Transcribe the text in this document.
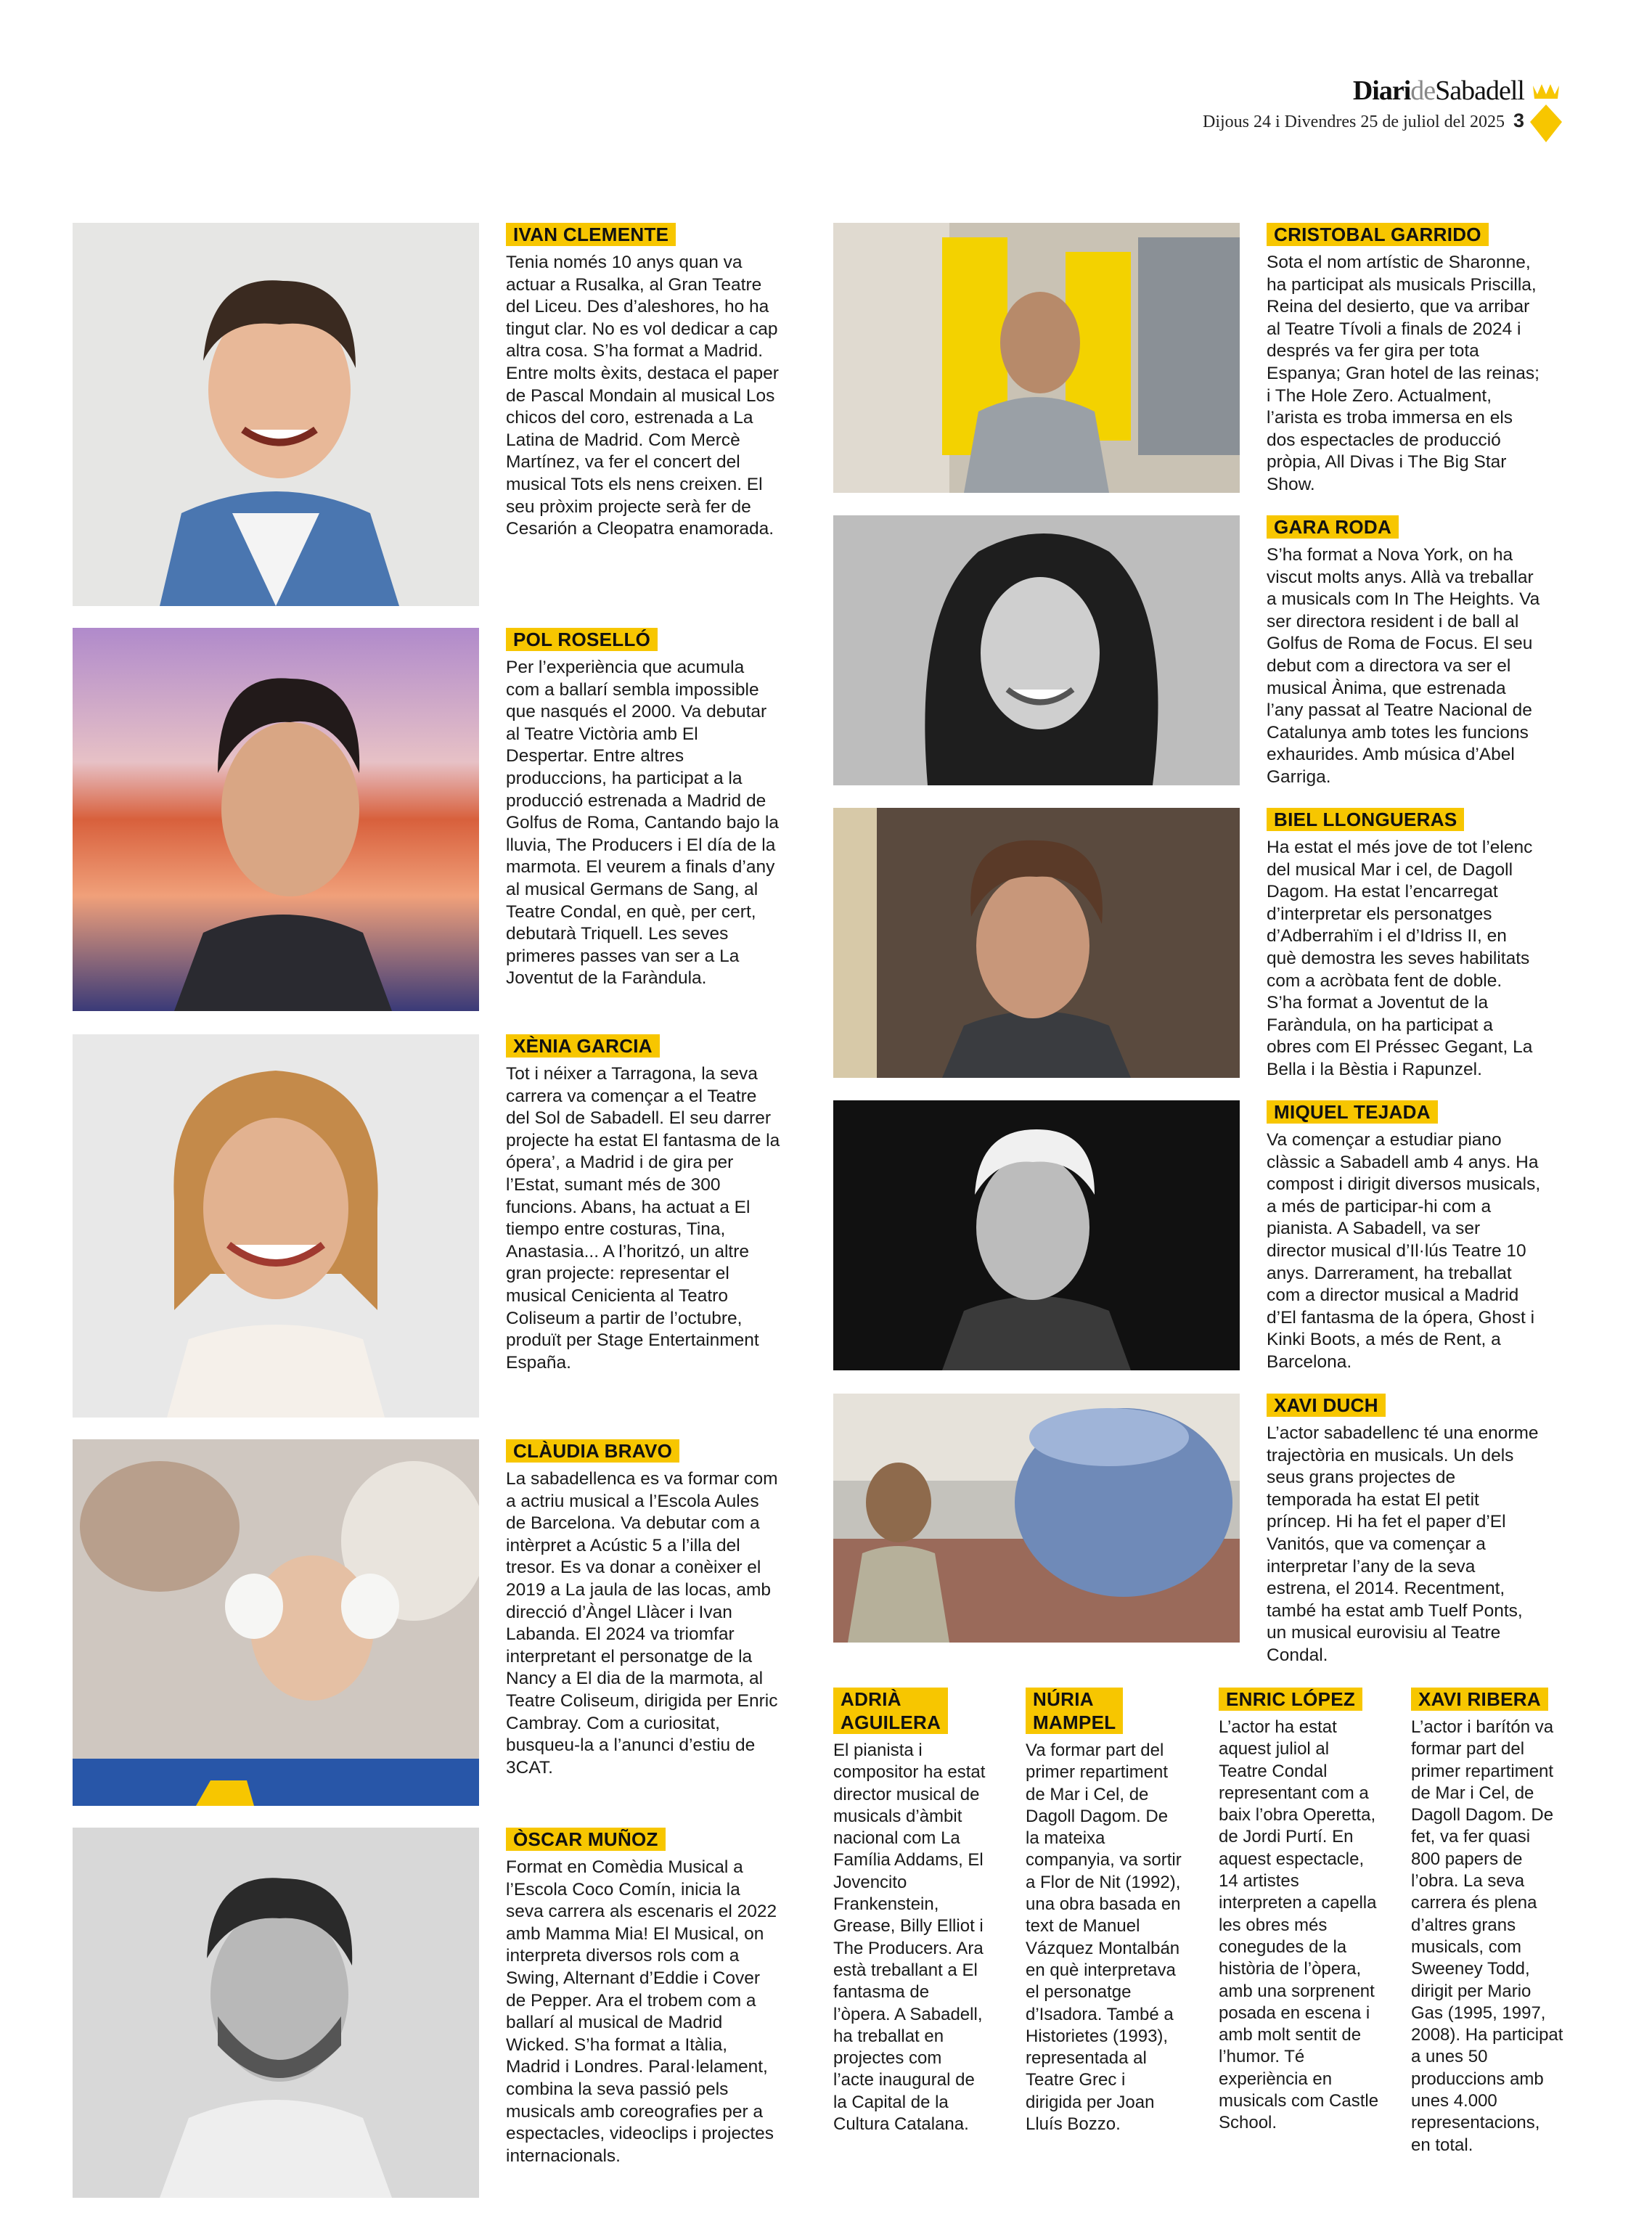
DiarideSabadell
Dijous 24 i Divendres 25 de juliol del 2025 3
IVAN CLEMENTE
Tenia només 10 anys quan va actuar a Rusalka, al Gran Teatre del Liceu. Des d’aleshores, ho ha tingut clar. No es vol dedicar a cap altra cosa. S’ha format a Madrid. Entre molts èxits, destaca el paper de Pascal Mondain al musical Los chicos del coro, estrenada a La Latina de Madrid. Com Mercè Martínez, va fer el concert del musical Tots els nens creixen. El seu pròxim projecte serà fer de Cesarión a Cleopatra enamorada.
POL ROSELLÓ
Per l’experiència que acumula com a ballarí sembla impossible que nasqués el 2000. Va debutar al Teatre Victòria amb El Despertar. Entre altres produccions, ha participat a la producció estrenada a Madrid de Golfus de Roma, Cantando bajo la lluvia, The Producers i El día de la marmota. El veurem a finals d’any al musical Germans de Sang, al Teatre Condal, en què, per cert, debutarà Triquell. Les seves primeres passes van ser a La Joventut de la Faràndula.
XÈNIA GARCIA
Tot i néixer a Tarragona, la seva carrera va començar a el Teatre del Sol de Sabadell. El seu darrer projecte ha estat El fantasma de la ópera’, a Madrid i de gira per l’Estat, sumant més de 300 funcions. Abans, ha actuat a El tiempo entre costuras, Tina, Anastasia... A l’horitzó, un altre gran projecte: representar el musical Cenicienta al Teatro Coliseum a partir de l’octubre, produït per Stage Entertainment España.
CLÀUDIA BRAVO
La sabadellenca es va formar com a actriu musical a l’Escola Aules de Barcelona. Va debutar com a intèrpret a Acústic 5 a l’illa del tresor. Es va donar a conèixer el 2019 a La jaula de las locas, amb direcció d’Àngel Llàcer i Ivan Labanda. El 2024 va triomfar interpretant el personatge de la Nancy a El dia de la marmota, al Teatre Coliseum, dirigida per Enric Cambray. Com a curiositat, busqueu-la a l’anunci d’estiu de 3CAT.
ÒSCAR MUÑOZ
Format en Comèdia Musical a l’Escola Coco Comín, inicia la seva carrera als escenaris el 2022 amb Mamma Mia! El Musical, on interpreta diversos rols com a Swing, Alternant d’Eddie i Cover de Pepper. Ara el trobem com a ballarí al musical de Madrid Wicked. S’ha format a Itàlia, Madrid i Londres. Paral·lelament, combina la seva passió pels musicals amb coreografies per a espectacles, videoclips i projectes internacionals.
CRISTOBAL GARRIDO
Sota el nom artístic de Sharonne, ha participat als musicals Priscilla, Reina del desierto, que va arribar al Teatre Tívoli a finals de 2024 i després va fer gira per tota Espanya; Gran hotel de las reinas; i The Hole Zero. Actualment, l’arista es troba immersa en els dos espectacles de producció pròpia, All Divas i The Big Star Show.
GARA RODA
S’ha format a Nova York, on ha viscut molts anys. Allà va treballar a musicals com In The Heights. Va ser directora resident i de ball al Golfus de Roma de Focus. El seu debut com a directora va ser el musical Ànima, que estrenada l’any passat al Teatre Nacional de Catalunya amb totes les funcions exhaurides. Amb música d’Abel Garriga.
BIEL LLONGUERAS
Ha estat el més jove de tot l’elenc del musical Mar i cel, de Dagoll Dagom. Ha estat l’encarregat d’interpretar els personatges d’Adberrahïm i el d’Idriss II, en què demostra les seves habilitats com a acròbata fent de doble. S’ha format a Joventut de la Faràndula, on ha participat a obres com El Préssec Gegant, La Bella i la Bèstia i Rapunzel.
MIQUEL TEJADA
Va començar a estudiar piano clàssic a Sabadell amb 4 anys. Ha compost i dirigit diversos musicals, a més de participar-hi com a pianista. A Sabadell, va ser director musical d’Il·lús Teatre 10 anys. Darrerament, ha treballat com a director musical a Madrid d’El fantasma de la ópera, Ghost i Kinki Boots, a més de Rent, a Barcelona.
XAVI DUCH
L’actor sabadellenc té una enorme trajectòria en musicals. Un dels seus grans projectes de temporada ha estat El petit príncep. Hi ha fet el paper d’El Vanitós, que va començar a interpretar l’any de la seva estrena, el 2014. Recentment, també ha estat amb Tuelf Ponts, un musical eurovisiu al Teatre Condal.
ADRIÀ
AGUILERA
El pianista i compositor ha estat director musical de musicals d’àmbit nacional com La Família Addams, El Jovencito Frankenstein, Grease, Billy Elliot i The Producers. Ara està treballant a El fantasma de l’òpera. A Sabadell, ha treballat en projectes com l’acte inaugural de la Capital de la Cultura Catalana.
NÚRIA
MAMPEL
Va formar part del primer repartiment de Mar i Cel, de Dagoll Dagom. De la mateixa companyia, va sortir a Flor de Nit (1992), una obra basada en text de Manuel Vázquez Montalbán en què interpretava el personatge d’Isadora. També a Historietes (1993), representada al Teatre Grec i dirigida per Joan Lluís Bozzo.
ENRIC LÓPEZ
L’actor ha estat aquest juliol al Teatre Condal representant com a baix l’obra Operetta, de Jordi Purtí. En aquest espectacle, 14 artistes interpreten a capella les obres més conegudes de la història de l’òpera, amb una sorprenent posada en escena i amb molt sentit de l’humor. Té experiència en musicals com Castle School.
XAVI RIBERA
L’actor i barítón va formar part del primer repartiment de Mar i Cel, de Dagoll Dagom. De fet, va fer quasi 800 papers de l’obra. La seva carrera és plena d’altres grans musicals, com Sweeney Todd, dirigit per Mario Gas (1995, 1997, 2008). Ha participat a unes 50 produccions amb unes 4.000 representacions, en total.
